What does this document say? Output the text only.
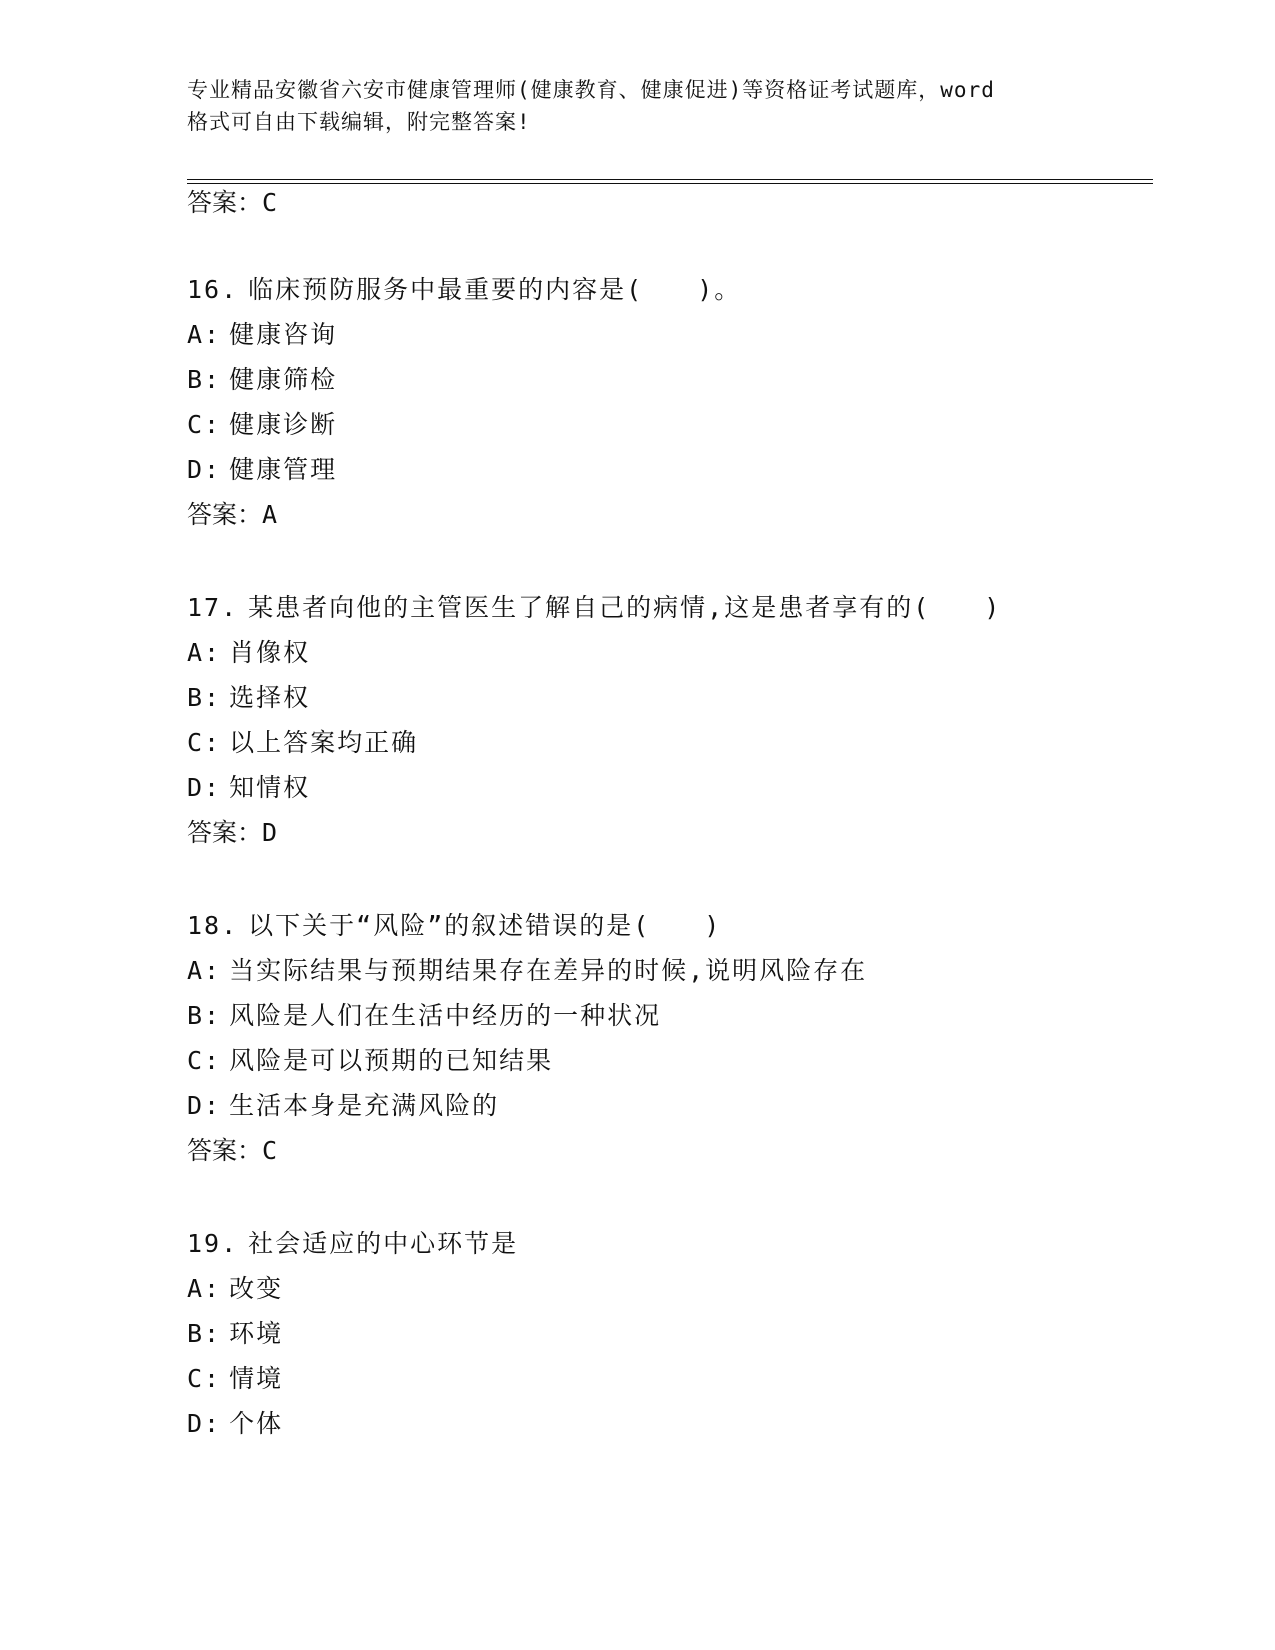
专业精品安徽省六安市健康管理师(健康教育、健康促进)等资格证考试题库，word
格式可自由下载编辑，附完整答案!
答案：C
16. 临床预防服务中最重要的内容是(　　)。
A: 健康咨询
B: 健康筛检
C: 健康诊断
D: 健康管理
答案：A
17. 某患者向他的主管医生了解自己的病情,这是患者享有的(　　)
A: 肖像权
B: 选择权
C: 以上答案均正确
D: 知情权
答案：D
18. 以下关于“风险”的叙述错误的是(　　)
A: 当实际结果与预期结果存在差异的时候,说明风险存在
B: 风险是人们在生活中经历的一种状况
C: 风险是可以预期的已知结果
D: 生活本身是充满风险的
答案：C
19. 社会适应的中心环节是
A: 改变
B: 环境
C: 情境
D: 个体
